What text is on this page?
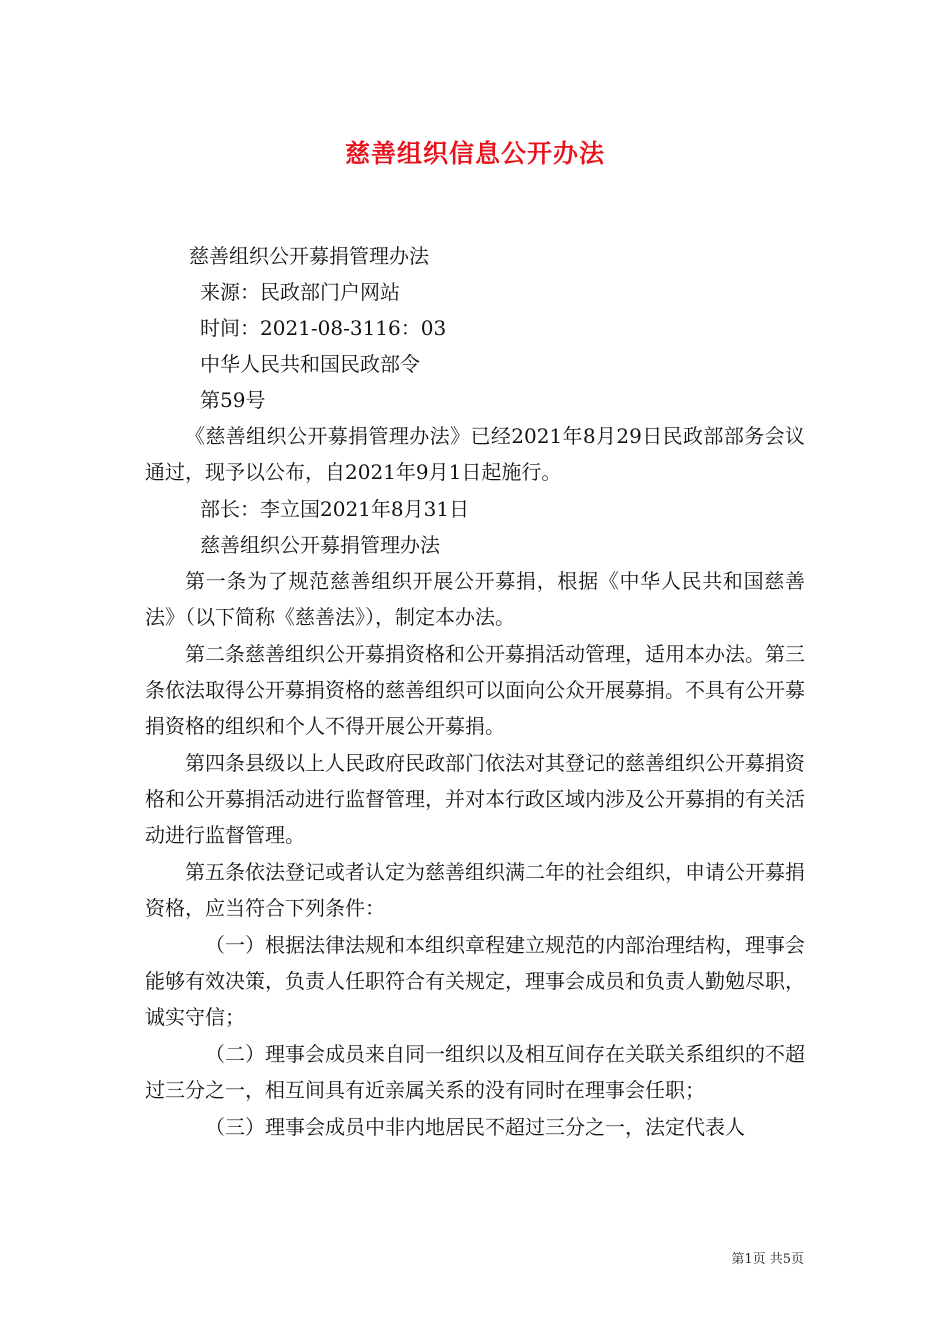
慈善组织信息公开办法

慈善组织公开募捐管理办法

来源：民政部门户网站

时间：2021-08-3116：03

中华人民共和国民政部令

第59号

《慈善组织公开募捐管理办法》已经2021年8月29日民政部部务会议通过，现予以公布，自2021年9月1日起施行。

部长：李立国2021年8月31日

慈善组织公开募捐管理办法

第一条为了规范慈善组织开展公开募捐，根据《中华人民共和国慈善法》（以下简称《慈善法》），制定本办法。

第二条慈善组织公开募捐资格和公开募捐活动管理，适用本办法。第三条依法取得公开募捐资格的慈善组织可以面向公众开展募捐。不具有公开募捐资格的组织和个人不得开展公开募捐。

第四条县级以上人民政府民政部门依法对其登记的慈善组织公开募捐资格和公开募捐活动进行监督管理，并对本行政区域内涉及公开募捐的有关活动进行监督管理。

第五条依法登记或者认定为慈善组织满二年的社会组织，申请公开募捐资格，应当符合下列条件：

（一）根据法律法规和本组织章程建立规范的内部治理结构，理事会能够有效决策，负责人任职符合有关规定，理事会成员和负责人勤勉尽职，诚实守信；

（二）理事会成员来自同一组织以及相互间存在关联关系组织的不超过三分之一，相互间具有近亲属关系的没有同时在理事会任职；

（三）理事会成员中非内地居民不超过三分之一，法定代表人

第1页 共5页
